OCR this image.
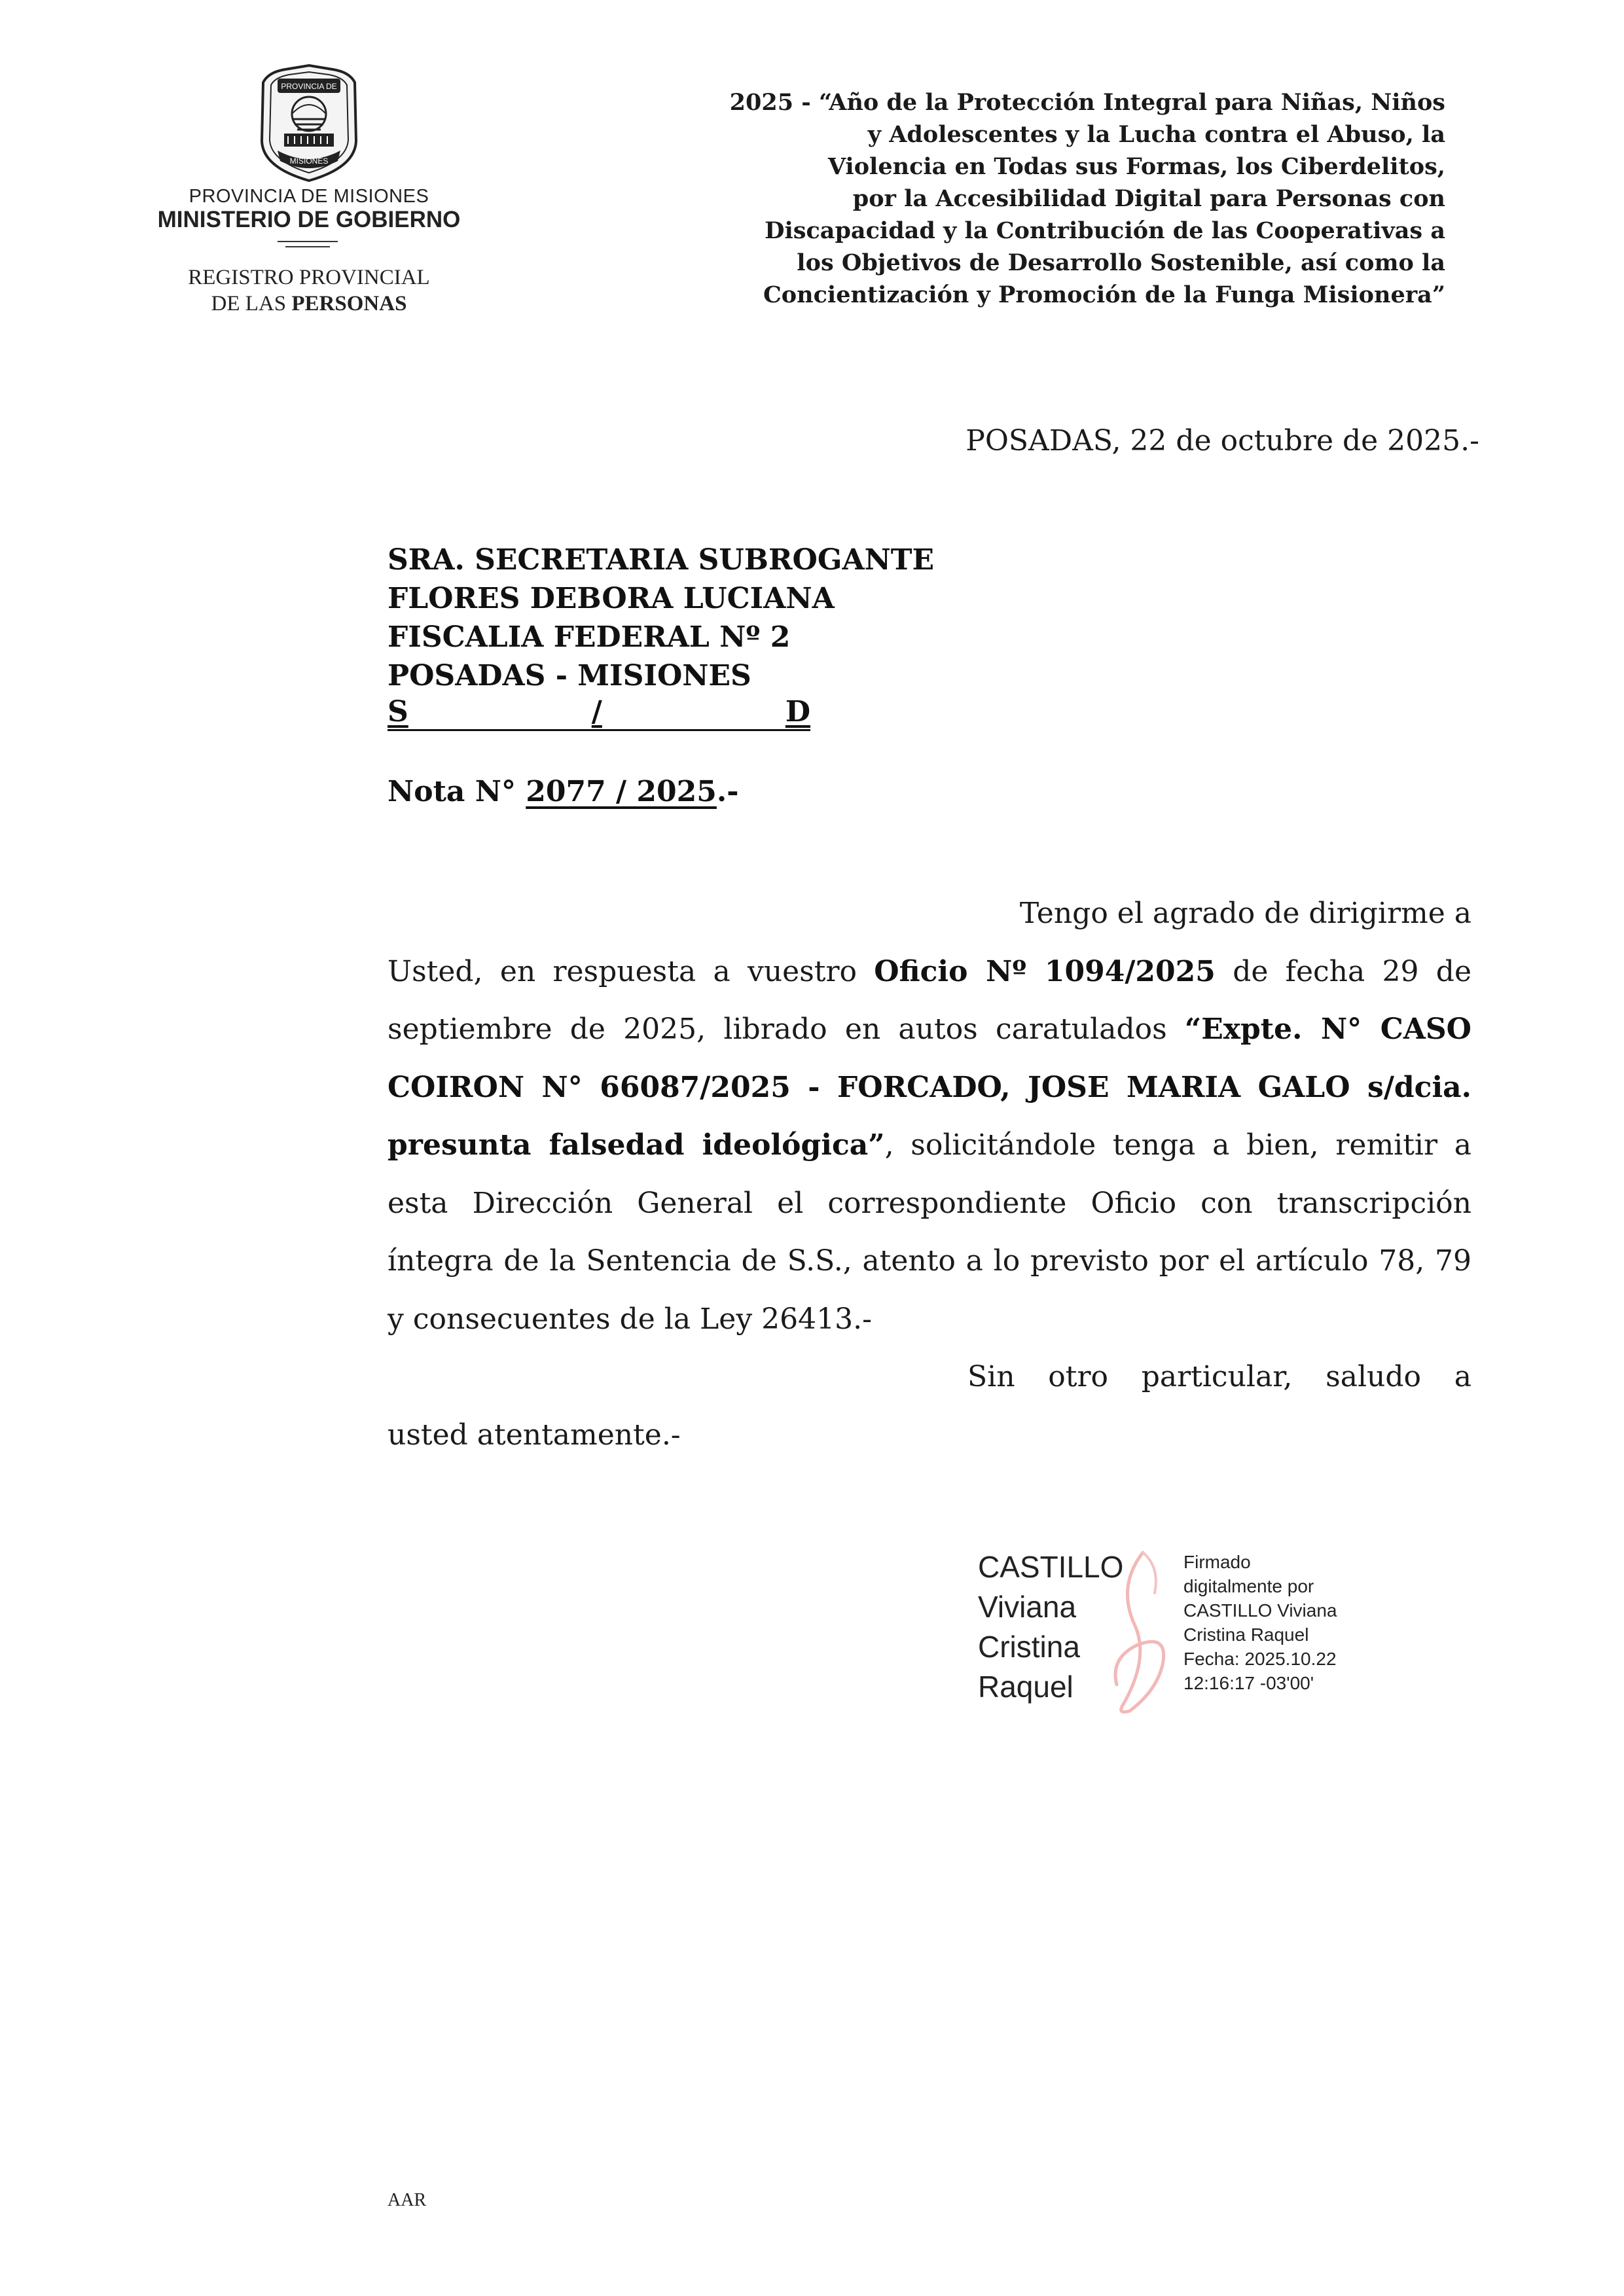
PROVINCIA DE
MISIONES
PROVINCIA DE MISIONES
MINISTERIO DE GOBIERNO
REGISTRO PROVINCIAL
DE LAS PERSONAS
2025 - “Año de la Protección Integral para Niñas, Niños
y Adolescentes y la Lucha contra el Abuso, la
Violencia en Todas sus Formas, los Ciberdelitos,
por la Accesibilidad Digital para Personas con
Discapacidad y la Contribución de las Cooperativas a
los Objetivos de Desarrollo Sostenible, así como la
Concientización y Promoción de la Funga Misionera”
POSADAS, 22 de octubre de 2025.-
SRA. SECRETARIA SUBROGANTE
FLORES DEBORA LUCIANA
FISCALIA FEDERAL Nº 2
POSADAS - MISIONES
S	/	D
Nota N° 2077 / 2025.-
Tengo el agrado de dirigirme a
Usted, en respuesta a vuestro Oficio Nº 1094/2025 de fecha 29 de septiembre de 2025, librado en autos caratulados “Expte. N° CASO COIRON N° 66087/2025 - FORCADO, JOSE MARIA GALO s/dcia. presunta falsedad ideológica”, solicitándole tenga a bien, remitir a esta Dirección General el correspondiente Oficio con transcripción íntegra de la Sentencia de S.S., atento a lo previsto por el artículo 78, 79 y consecuentes de la Ley 26413.-
Sin otro particular, saludo a
usted atentamente.-
CASTILLO
Viviana
Cristina
Raquel
Firmado
digitalmente por
CASTILLO Viviana
Cristina Raquel
Fecha: 2025.10.22
12:16:17 -03'00'
AAR
